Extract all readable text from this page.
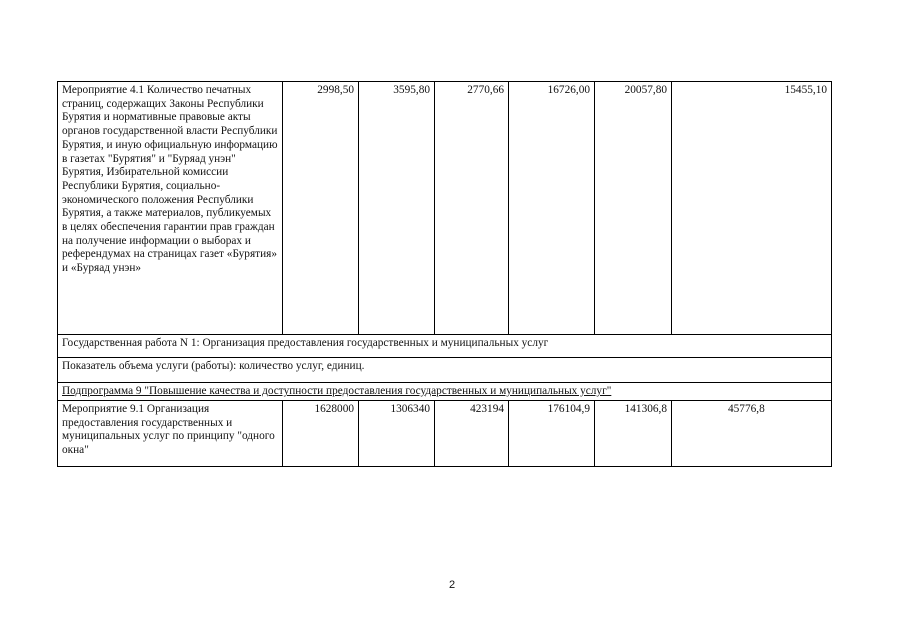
Мероприятие 4.1 Количество печатных страниц, содержащих Законы Республики Бурятия и нормативные правовые акты органов государственной власти Республики Бурятия, и иную официальную информацию в газетах "Бурятия" и "Буряад унэн" Бурятия, Избирательной комиссии Республики Бурятия, социально-экономического положения Республики Бурятия, а также материалов, публикуемых в целях обеспечения гарантии прав граждан на получение информации о выборах и референдумах на страницах газет «Бурятия» и «Буряад унэн»	2998,50	3595,80	2770,66	16726,00	20057,80	15455,10
Государственная работа N 1: Организация предоставления государственных и муниципальных услуг						
Показатель объема услуги (работы): количество услуг, единиц.						
Подпрограмма 9 "Повышение качества и доступности предоставления государственных и муниципальных услуг"						
Мероприятие 9.1 Организация предоставления государственных и муниципальных услуг по принципу "одного окна"	1628000	1306340	423194	176104,9	141306,8	45776,8
2
